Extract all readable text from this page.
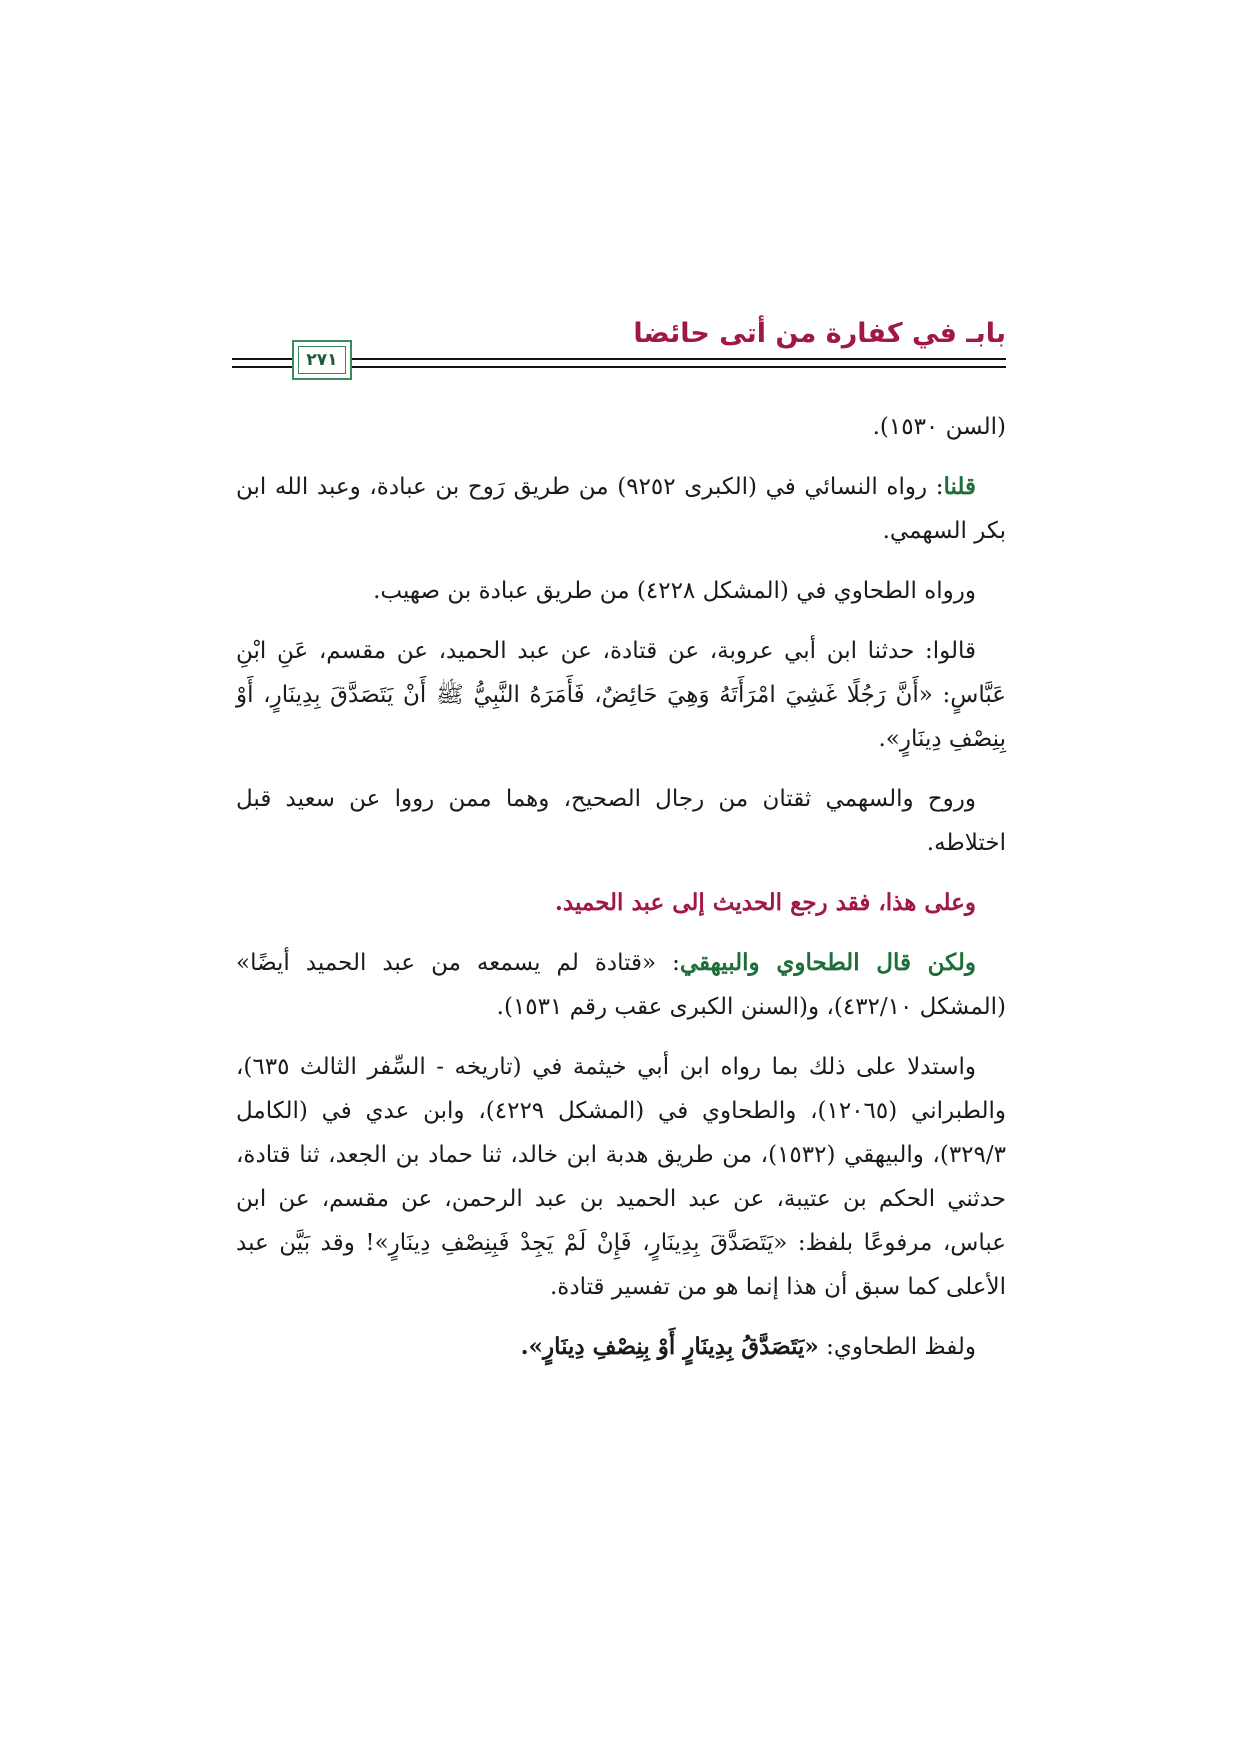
بابـ في كفارة من أتى حائضا
٢٧١

(السن ١٥٣٠).

قلنا: رواه النسائي في (الكبرى ٩٢٥٢) من طريق رَوح بن عبادة، وعبد الله ابن بكر السهمي.

ورواه الطحاوي في (المشكل ٤٢٢٨) من طريق عبادة بن صهيب.

قالوا: حدثنا ابن أبي عروبة، عن قتادة، عن عبد الحميد، عن مقسم، عَنِ ابْنِ عَبَّاسٍ: «أَنَّ رَجُلًا غَشِيَ امْرَأَتَهُ وَهِيَ حَائِضٌ، فَأَمَرَهُ النَّبِيُّ ﷺ أَنْ يَتَصَدَّقَ بِدِينَارٍ، أَوْ بِنِصْفِ دِينَارٍ».

وروح والسهمي ثقتان من رجال الصحيح، وهما ممن رووا عن سعيد قبل اختلاطه.

وعلى هذا، فقد رجع الحديث إلى عبد الحميد.

ولكن قال الطحاوي والبيهقي: «قتادة لم يسمعه من عبد الحميد أيضًا» (المشكل ٤٣٢/١٠)، و(السنن الكبرى عقب رقم ١٥٣١).

واستدلا على ذلك بما رواه ابن أبي خيثمة في (تاريخه - السِّفر الثالث ٦٣٥)، والطبراني (١٢٠٦٥)، والطحاوي في (المشكل ٤٢٢٩)، وابن عدي في (الكامل ٣٢٩/٣)، والبيهقي (١٥٣٢)، من طريق هدبة ابن خالد، ثنا حماد بن الجعد، ثنا قتادة، حدثني الحكم بن عتيبة، عن عبد الحميد بن عبد الرحمن، عن مقسم، عن ابن عباس، مرفوعًا بلفظ: «يَتَصَدَّقَ بِدِينَارٍ، فَإِنْ لَمْ يَجِدْ فَبِنِصْفِ دِينَارٍ»! وقد بَيَّن عبد الأعلى كما سبق أن هذا إنما هو من تفسير قتادة.

ولفظ الطحاوي: «يَتَصَدَّقُ بِدِينَارٍ أَوْ بِنِصْفِ دِينَارٍ».
